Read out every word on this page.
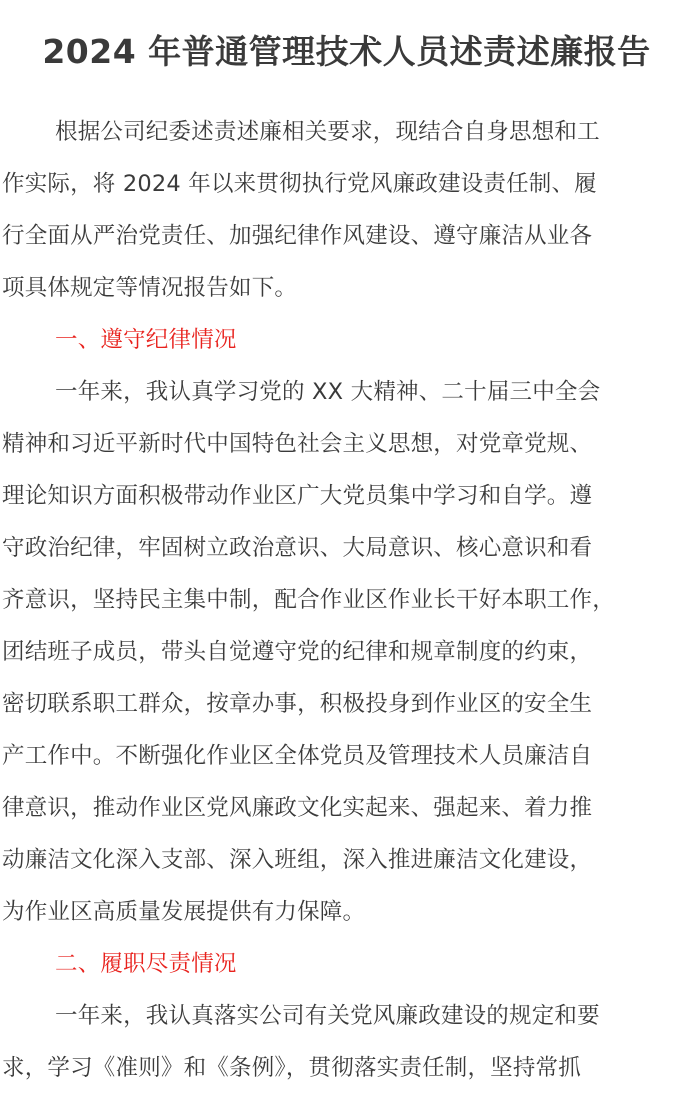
2024 年普通管理技术人员述责述廉报告
根据公司纪委述责述廉相关要求，现结合自身思想和工
作实际，将 2024 年以来贯彻执行党风廉政建设责任制、履
行全面从严治党责任、加强纪律作风建设、遵守廉洁从业各
项具体规定等情况报告如下。
一、遵守纪律情况
一年来，我认真学习党的 XX 大精神、二十届三中全会
精神和习近平新时代中国特色社会主义思想，对党章党规、
理论知识方面积极带动作业区广大党员集中学习和自学。遵
守政治纪律，牢固树立政治意识、大局意识、核心意识和看
齐意识，坚持民主集中制，配合作业区作业长干好本职工作，
团结班子成员，带头自觉遵守党的纪律和规章制度的约束，
密切联系职工群众，按章办事，积极投身到作业区的安全生
产工作中。不断强化作业区全体党员及管理技术人员廉洁自
律意识，推动作业区党风廉政文化实起来、强起来、着力推
动廉洁文化深入支部、深入班组，深入推进廉洁文化建设，
为作业区高质量发展提供有力保障。
二、履职尽责情况
一年来，我认真落实公司有关党风廉政建设的规定和要
求，学习《准则》和《条例》，贯彻落实责任制，坚持常抓
